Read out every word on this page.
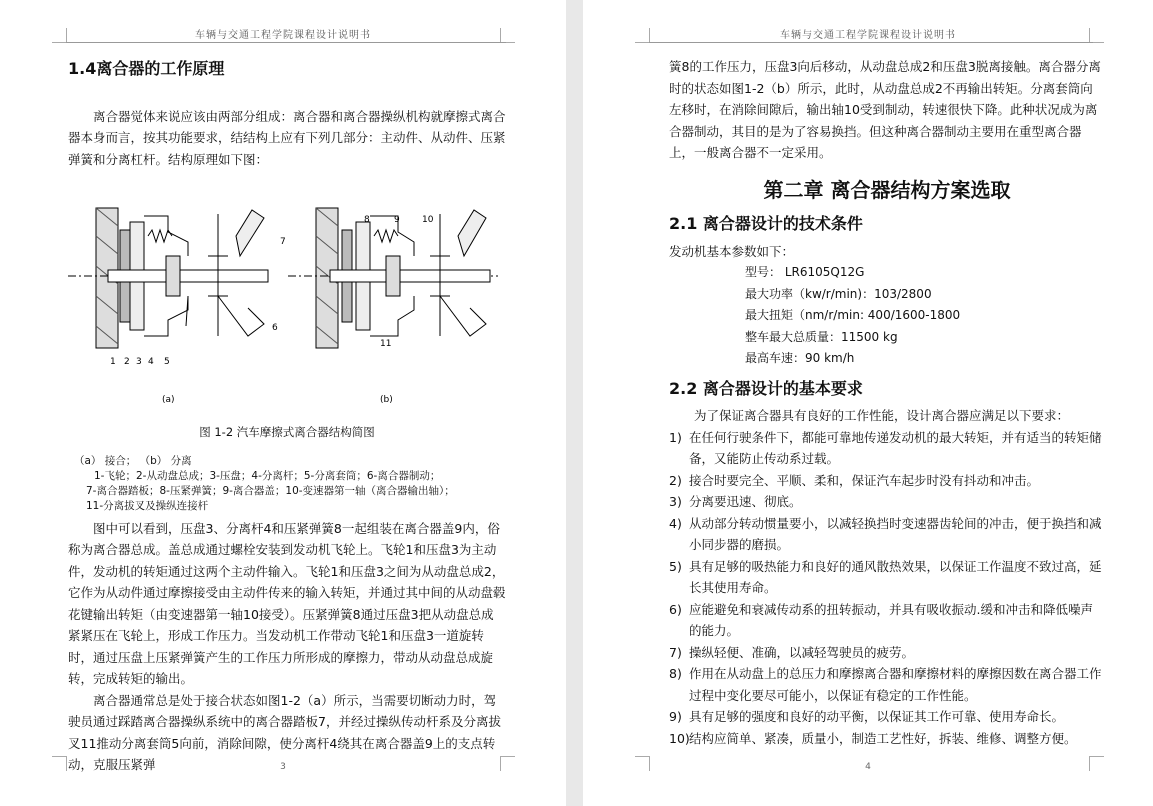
车辆与交通工程学院课程设计说明书

1.4离合器的工作原理

离合器觉体来说应该由两部分组成：离合器和离合器操纵机构就摩擦式离合器本身而言，按其功能要求，结结构上应有下列几部分：主动件、从动件、压紧弹簧和分离杠杆。结构原理如下图：

1 2 3 4 5
6
7
8	9 10
11
(a)	(b)

图 1-2 汽车摩擦式离合器结构简图

（a） 接合； （b） 分离

1-飞轮；2-从动盘总成；3-压盘；4-分离杆；5-分离套筒；6-离合器制动；

7-离合器踏板；8-压紧弹簧；9-离合器盖；10-变速器第一轴（离合器输出轴）；

11-分离拔叉及操纵连接杆

图中可以看到，压盘3、分离杆4和压紧弹簧8一起组装在离合器盖9内，俗称为离合器总成。盖总成通过螺栓安装到发动机飞轮上。飞轮1和压盘3为主动件，发动机的转矩通过这两个主动件输入。飞轮1和压盘3之间为从动盘总成2，它作为从动件通过摩擦接受由主动件传来的输入转矩，并通过其中间的从动盘毂花键输出转矩（由变速器第一轴10接受）。压紧弹簧8通过压盘3把从动盘总成紧紧压在飞轮上，形成工作压力。当发动机工作带动飞轮1和压盘3一道旋转时，通过压盘上压紧弹簧产生的工作压力所形成的摩擦力，带动从动盘总成旋转，完成转矩的输出。

离合器通常总是处于接合状态如图1-2（a）所示，当需要切断动力时，驾驶员通过踩踏离合器操纵系统中的离合器踏板7，并经过操纵传动杆系及分离拔叉11推动分离套筒5向前，消除间隙，使分离杆4绕其在离合器盖9上的支点转动，克服压紧弹	3
车辆与交通工程学院课程设计说明书

簧8的工作压力，压盘3向后移动，从动盘总成2和压盘3脱离接触。离合器分离时的状态如图1-2（b）所示，此时，从动盘总成2不再输出转矩。分离套筒向左移时，在消除间隙后，输出轴10受到制动，转速很快下降。此种状况成为离合器制动，其目的是为了容易换挡。但这种离合器制动主要用在重型离合器上，一般离合器不一定采用。

第二章 离合器结构方案选取

2.1 离合器设计的技术条件

发动机基本参数如下：

型号： LR6105Q12G

最大功率（kw/r/min)：103/2800

最大扭矩（nm/r/min: 400/1600-1800

整车最大总质量：11500 kg

最高车速：90 km/h

2.2 离合器设计的基本要求

为了保证离合器具有良好的工作性能，设计离合器应满足以下要求：

1) 在任何行驶条件下，都能可靠地传递发动机的最大转矩，并有适当的转矩储备，又能防止传动系过载。
2) 接合时要完全、平顺、柔和，保证汽车起步时没有抖动和冲击。
3) 分离要迅速、彻底。
4) 从动部分转动惯量要小，以减轻换挡时变速器齿轮间的冲击，便于换挡和减小同步器的磨损。
5) 具有足够的吸热能力和良好的通风散热效果，以保证工作温度不致过高，延长其使用寿命。
6) 应能避免和衰减传动系的扭转振动，并具有吸收振动.缓和冲击和降低噪声的能力。
7) 操纵轻便、准确，以减轻驾驶员的疲劳。
8) 作用在从动盘上的总压力和摩擦离合器和摩擦材料的摩擦因数在离合器工作过程中变化要尽可能小，以保证有稳定的工作性能。
9) 具有足够的强度和良好的动平衡，以保证其工作可靠、使用寿命长。
10) 结构应简单、紧凑，质量小，制造工艺性好，拆装、维修、调整方便。
4
